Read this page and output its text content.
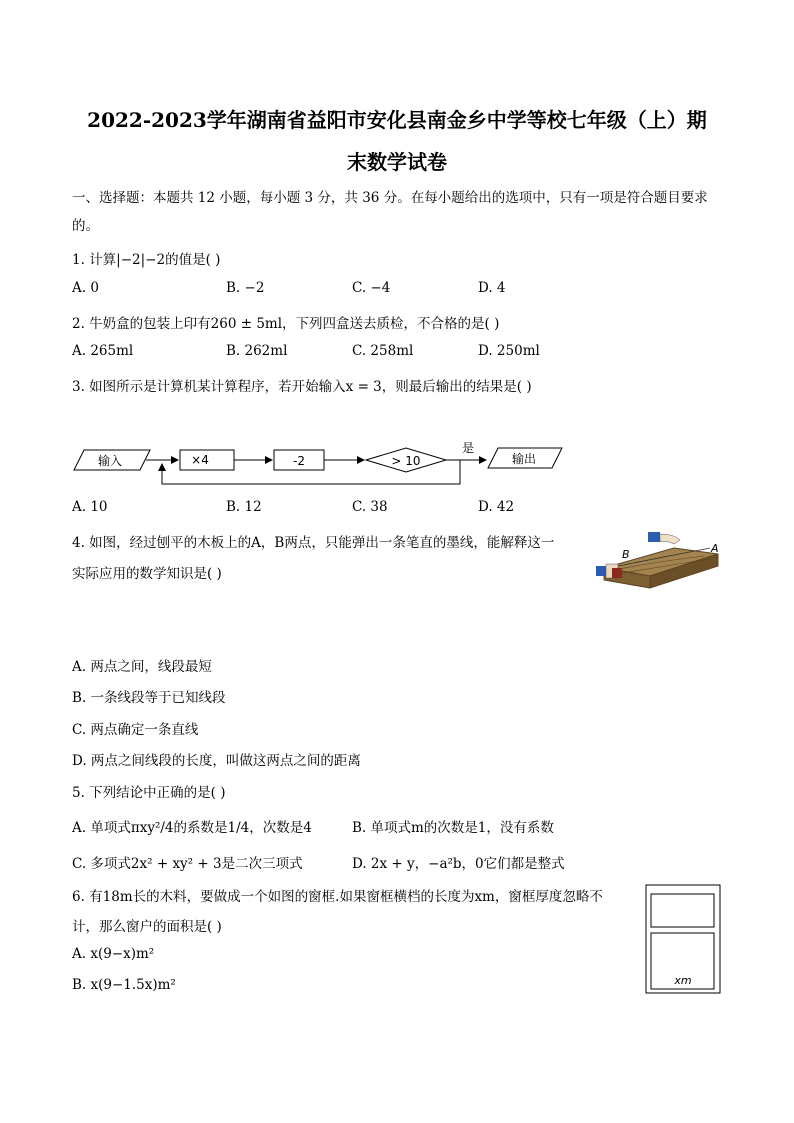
2022-2023学年湖南省益阳市安化县南金乡中学等校七年级（上）期
末数学试卷
一、选择题：本题共 12 小题，每小题 3 分，共 36 分。在每小题给出的选项中，只有一项是符合题目要求
的。
1. 计算|−2|−2的值是( )
A. 0	B. −2	C. −4	D. 4
2. 牛奶盒的包装上印有260 ± 5ml，下列四盒送去质检，不合格的是( )
A. 265ml	B. 262ml	C. 258ml	D. 250ml
3. 如图所示是计算机某计算程序，若开始输入x = 3，则最后输出的结果是( )
输入	×4	-2	> 10
是
输出
A. 10	B. 12	C. 38	D. 42
4. 如图，经过刨平的木板上的A，B两点，只能弹出一条笔直的墨线，能解释这一
实际应用的数学知识是( )
B	A
A. 两点之间，线段最短
B. 一条线段等于已知线段
C. 两点确定一条直线
D. 两点之间线段的长度，叫做这两点之间的距离
5. 下列结论中正确的是( )
A. 单项式πxy²/4的系数是1/4，次数是4	B. 单项式m的次数是1，没有系数
C. 多项式2x² + xy² + 3是二次三项式	D. 2x + y，−a²b，0它们都是整式
6. 有18m长的木料，要做成一个如图的窗框.如果窗框横档的长度为xm，窗框厚度忽略不
计，那么窗户的面积是( )
A. x(9−x)m²
B. x(9−1.5x)m²	xm
